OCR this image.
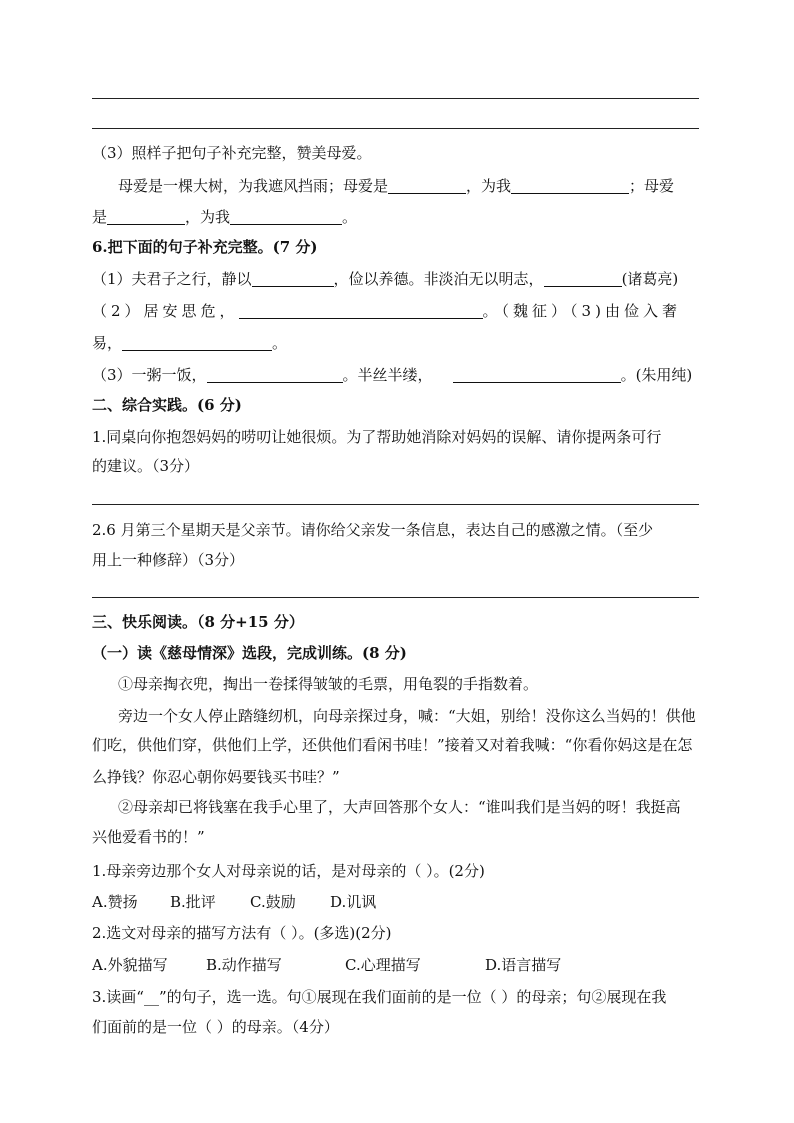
（3）照样子把句子补充完整，赞美母爱。
母爱是一棵大树，为我遮风挡雨；母爱是	，为我	；母爱
是	，为我	。
6.把下面的句子补充完整。(7 分)
（1）夫君子之行，静以	，俭以养德。非淡泊无以明志，	(诸葛亮)
（2）居安思危，	。（魏征）（3)由俭入奢
易，	。
（3）一粥一饭，	。半丝半缕，	。(朱用纯)
二、综合实践。(6 分)
1.同桌向你抱怨妈妈的唠叨让她很烦。为了帮助她消除对妈妈的误解、请你提两条可行
的建议。（3分）
2.6 月第三个星期天是父亲节。请你给父亲发一条信息，表达自己的感激之情。（至少
用上一种修辞）（3分）
三、快乐阅读。（8 分+15 分）
（一）读《慈母情深》选段，完成训练。(8 分)
①母亲掏衣兜，掏出一卷揉得皱皱的毛票，用龟裂的手指数着。
旁边一个女人停止踏缝纫机，向母亲探过身，喊：“大姐，别给！没你这么当妈的！供他
们吃，供他们穿，供他们上学，还供他们看闲书哇！”接着又对着我喊：“你看你妈这是在怎
么挣钱？你忍心朝你妈要钱买书哇？”
②母亲却已将钱塞在我手心里了，大声回答那个女人：“谁叫我们是当妈的呀！我挺高
兴他爱看书的！”
1.母亲旁边那个女人对母亲说的话，是对母亲的（ ）。(2分)
A.赞扬 B.批评 C.鼓励 D.讥讽
2.选文对母亲的描写方法有（ ）。(多选)(2分)
A.外貌描写	B.动作描写	C.心理描写	D.语言描写
3.读画“__”的句子，选一选。句①展现在我们面前的是一位（ ）的母亲；句②展现在我
们面前的是一位（ ）的母亲。（4分）
